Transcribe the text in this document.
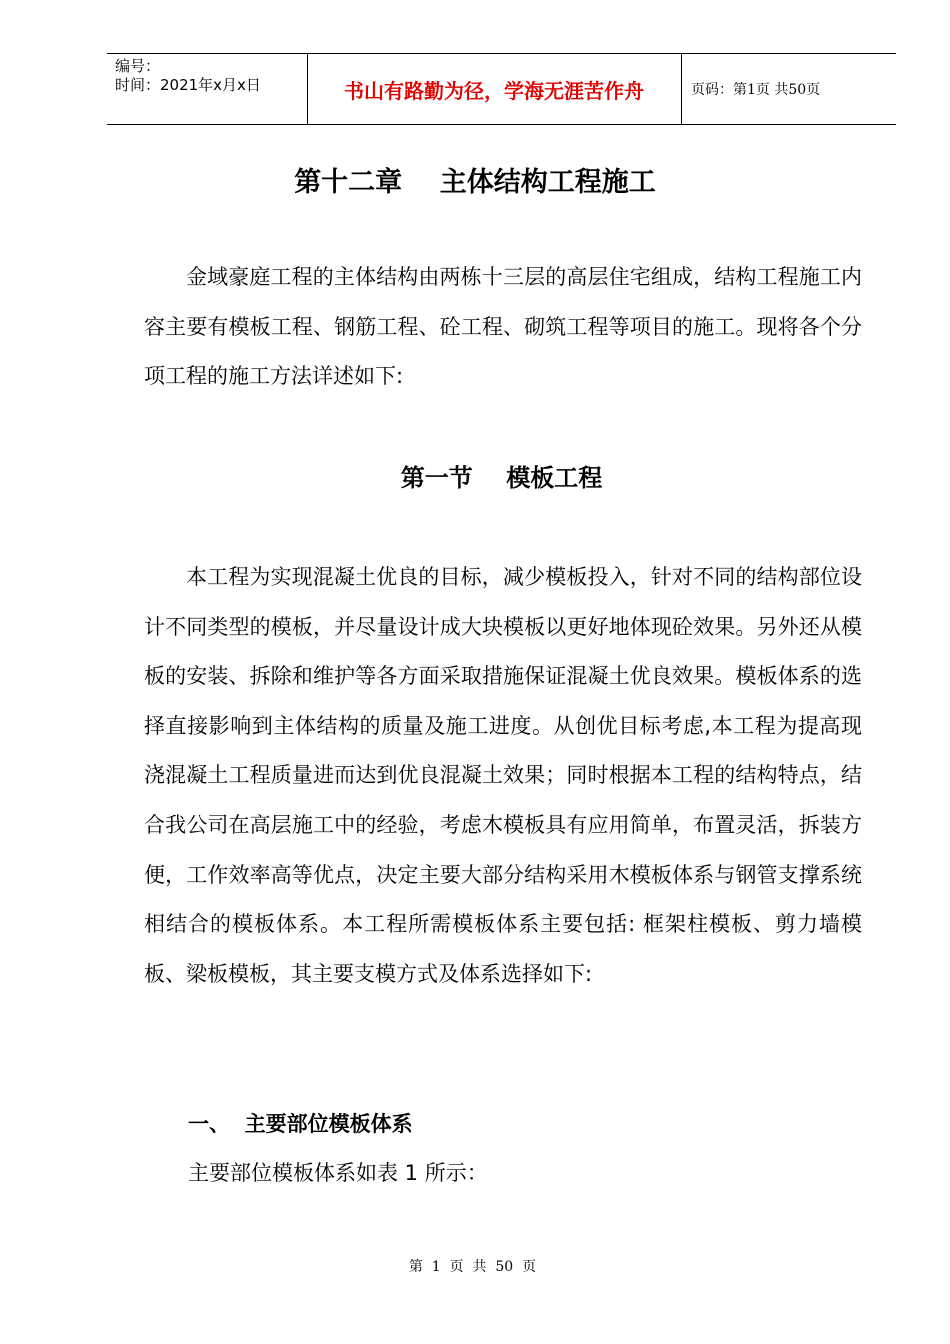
编号：
时间：2021年x月x日	书山有路勤为径，学海无涯苦作舟	页码：第1页 共50页
第十二章    主体结构工程施工

金域豪庭工程的主体结构由两栋十三层的高层住宅组成，结构工程施工内容主要有模板工程、钢筋工程、砼工程、砌筑工程等项目的施工。现将各个分项工程的施工方法详述如下:

第一节    模板工程

本工程为实现混凝土优良的目标，减少模板投入，针对不同的结构部位设计不同类型的模板，并尽量设计成大块模板以更好地体现砼效果。另外还从模板的安装、拆除和维护等各方面采取措施保证混凝土优良效果。模板体系的选择直接影响到主体结构的质量及施工进度。从创优目标考虑,本工程为提高现浇混凝土工程质量进而达到优良混凝土效果；同时根据本工程的结构特点，结合我公司在高层施工中的经验，考虑木模板具有应用简单，布置灵活，拆装方便，工作效率高等优点，决定主要大部分结构采用木模板体系与钢管支撑系统相结合的模板体系。本工程所需模板体系主要包括: 框架柱模板、剪力墙模板、梁板模板，其主要支模方式及体系选择如下:

一、  主要部位模板体系
主要部位模板体系如表 1 所示：
第  1  页  共  50  页
